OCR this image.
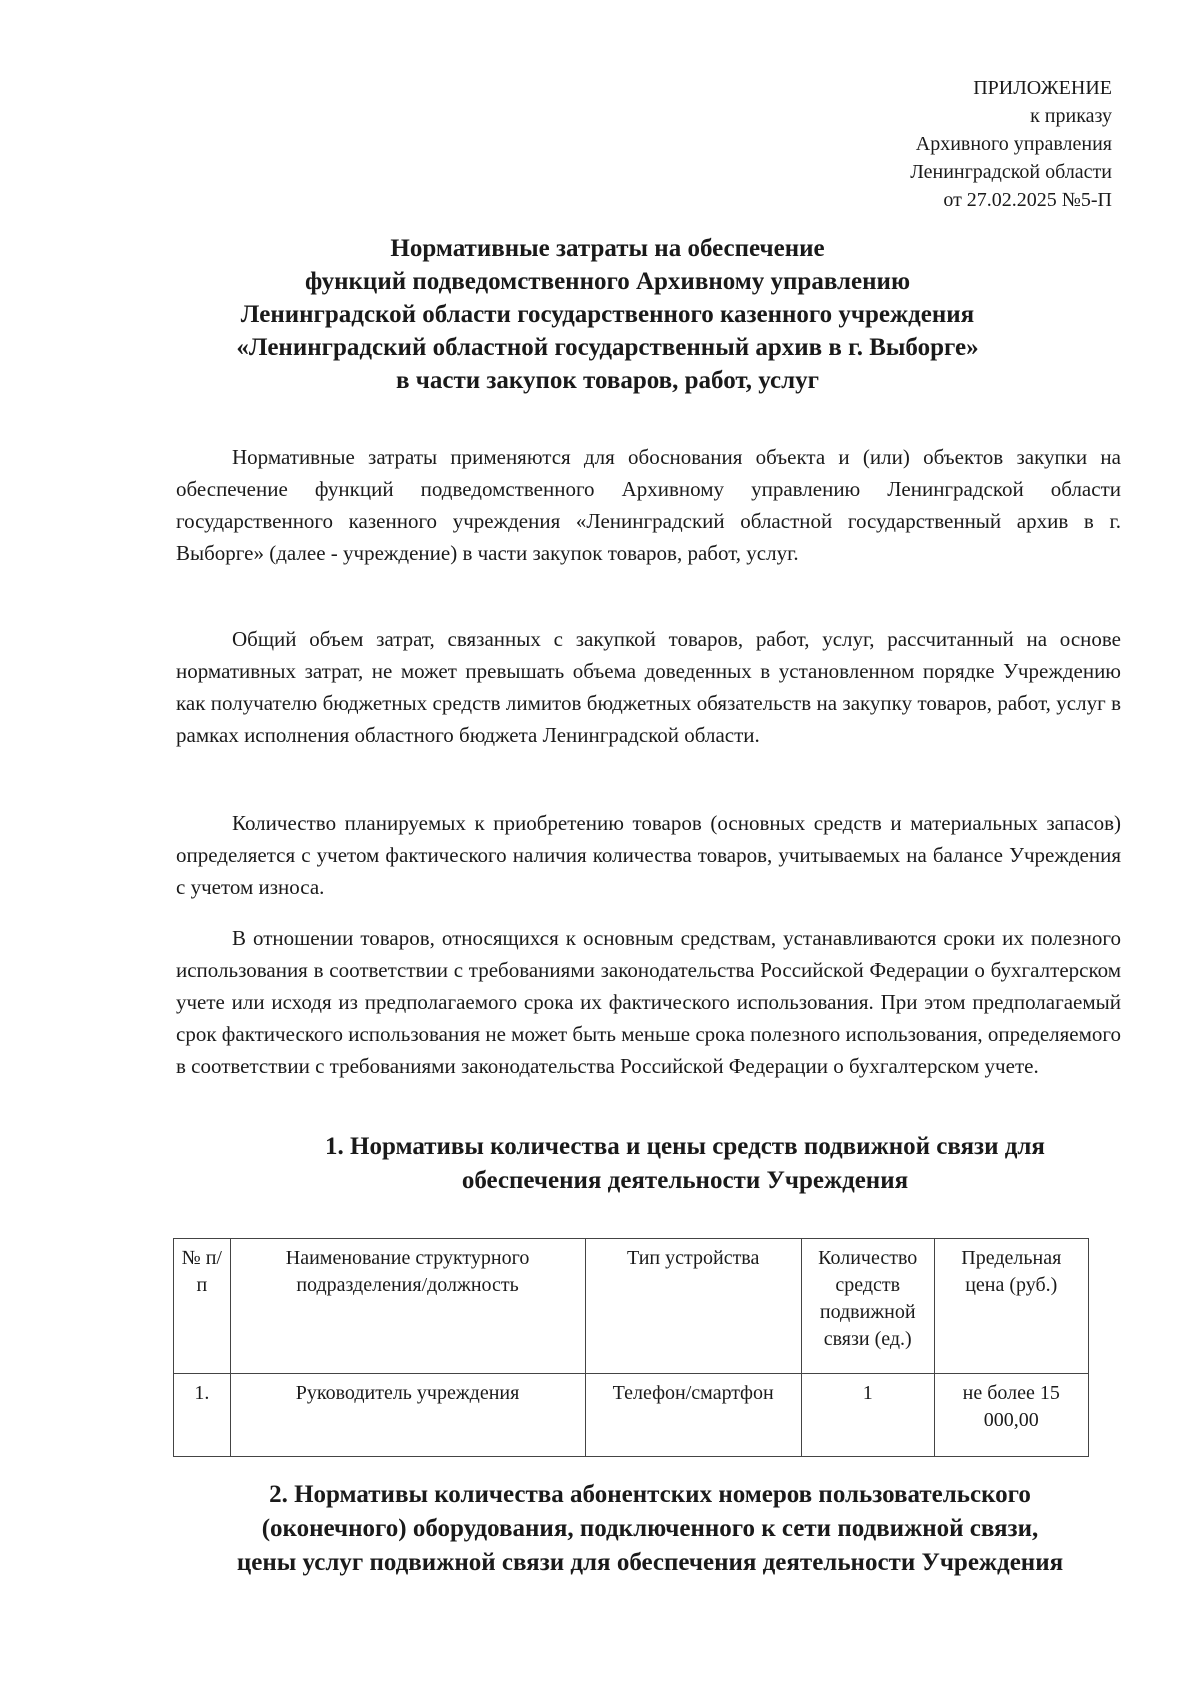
ПРИЛОЖЕНИЕ
к приказу
Архивного управления
Ленинградской области
от 27.02.2025 №5-П
Нормативные затраты на обеспечение
функций подведомственного Архивному управлению
Ленинградской области государственного казенного учреждения
«Ленинградский областной государственный архив в г. Выборге»
в части закупок товаров, работ, услуг

Нормативные затраты применяются для обоснования объекта и (или) объектов закупки на обеспечение функций подведомственного Архивному управлению Ленинградской области государственного казенного учреждения «Ленинградский областной государственный архив в г. Выборге» (далее - учреждение) в части закупок товаров, работ, услуг.

Общий объем затрат, связанных с закупкой товаров, работ, услуг, рассчитанный на основе нормативных затрат, не может превышать объема доведенных в установленном порядке Учреждению как получателю бюджетных средств лимитов бюджетных обязательств на закупку товаров, работ, услуг в рамках исполнения областного бюджета Ленинградской области.

Количество планируемых к приобретению товаров (основных средств и материальных запасов) определяется с учетом фактического наличия количества товаров, учитываемых на балансе Учреждения с учетом износа.

В отношении товаров, относящихся к основным средствам, устанавливаются сроки их полезного использования в соответствии с требованиями законодательства Российской Федерации о бухгалтерском учете или исходя из предполагаемого срока их фактического использования. При этом предполагаемый срок фактического использования не может быть меньше срока полезного использования, определяемого в соответствии с требованиями законодательства Российской Федерации о бухгалтерском учете.

1. Нормативы количества и цены средств подвижной связи для
обеспечения деятельности Учреждения
№ п/п	Наименование структурного подразделения/должность	Тип устройства	Количество средств подвижной связи (ед.)	Предельная цена (руб.)
1.	Руководитель учреждения	Телефон/смартфон	1	не более 15 000,00
2. Нормативы количества абонентских номеров пользовательского
(оконечного) оборудования, подключенного к сети подвижной связи,
цены услуг подвижной связи для обеспечения деятельности Учреждения
